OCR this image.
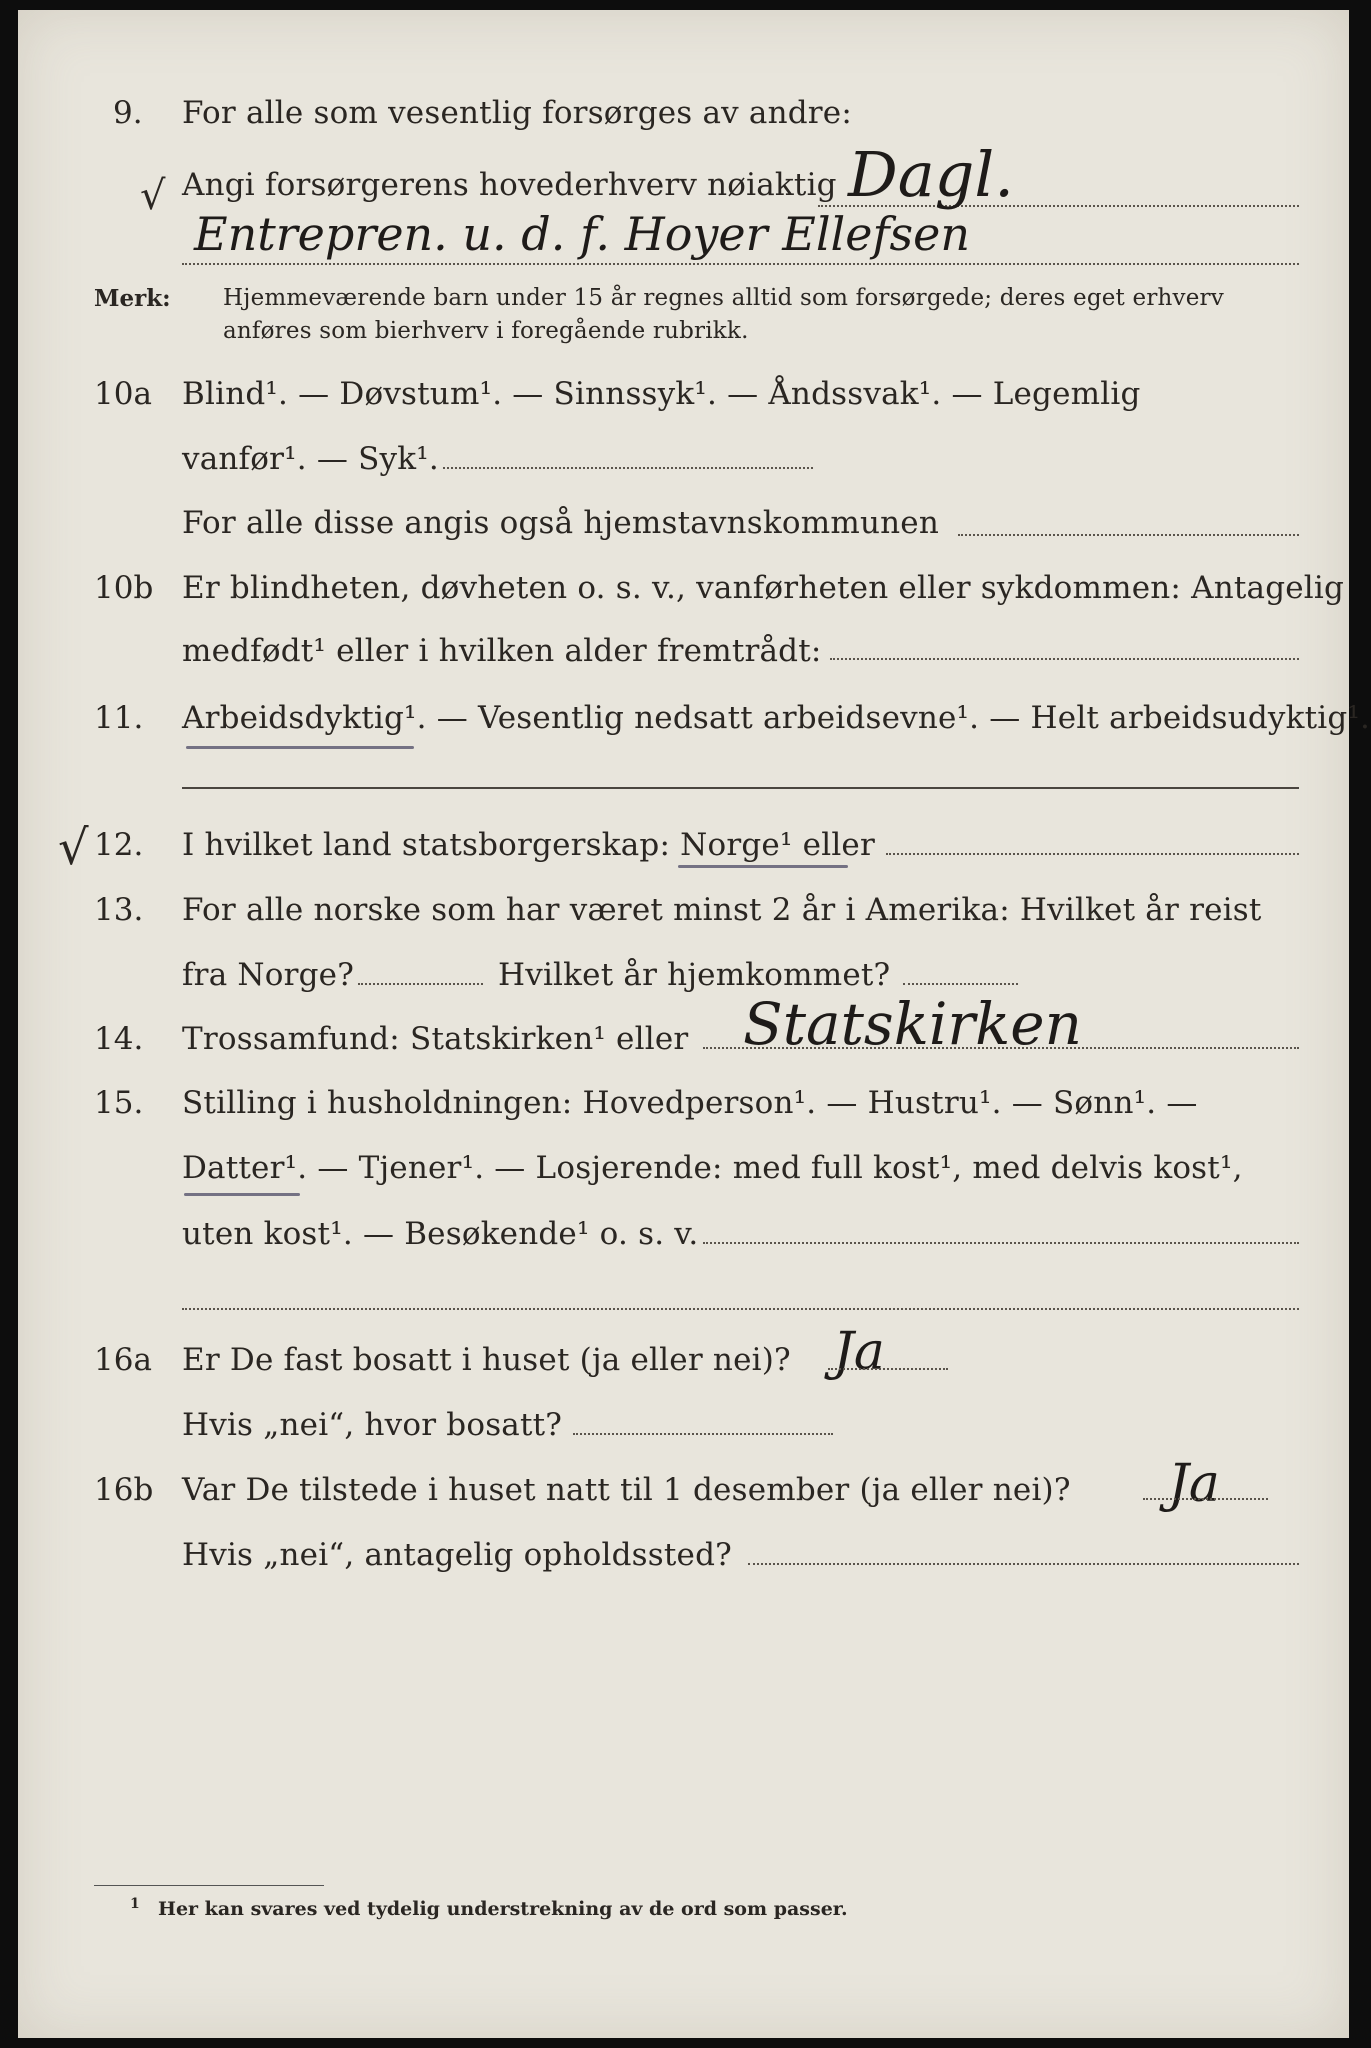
9. For alle som vesentlig forsørges av andre:
√ Angi forsørgerens hovederhverv nøiaktig Dagl.
Entrepren. u. d. f. Hoyer Ellefsen
Merk: Hjemmeværende barn under 15 år regnes alltid som forsørgede; deres eget erhverv
anføres som bierhverv i foregående rubrikk.
10a Blind¹. — Døvstum¹. — Sinnssyk¹. — Åndssvak¹. — Legemlig
vanfør¹. — Syk¹.
For alle disse angis også hjemstavnskommunen
10b Er blindheten, døvheten o. s. v., vanførheten eller sykdommen: Antagelig
medfødt¹ eller i hvilken alder fremtrådt:
11. Arbeidsdyktig¹. — Vesentlig nedsatt arbeidsevne¹. — Helt arbeidsudyktig¹.
√ 12. I hvilket land statsborgerskap: Norge¹ eller
13. For alle norske som har været minst 2 år i Amerika: Hvilket år reist
fra Norge?	Hvilket år hjemkommet?
14. Trossamfund: Statskirken¹ eller Statskirken
15. Stilling i husholdningen: Hovedperson¹. — Hustru¹. — Sønn¹. —
Datter¹. — Tjener¹. — Losjerende: med full kost¹, med delvis kost¹,
uten kost¹. — Besøkende¹ o. s. v.
16a Er De fast bosatt i huset (ja eller nei)? Ja
Hvis „nei“, hvor bosatt?
16b Var De tilstede i huset natt til 1 desember (ja eller nei)? Ja
Hvis „nei“, antagelig opholdssted?
1 Her kan svares ved tydelig understrekning av de ord som passer.
